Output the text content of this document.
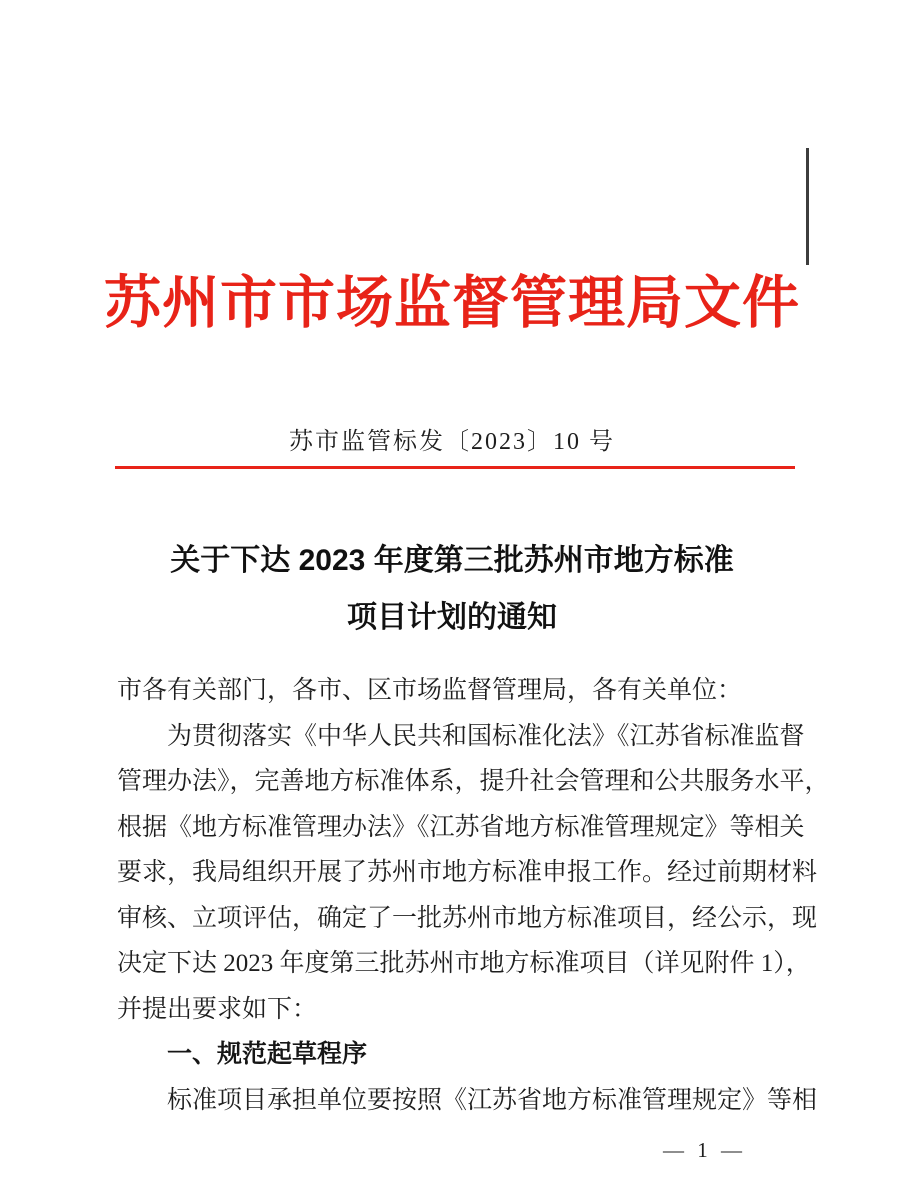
苏州市市场监督管理局文件
苏市监管标发〔2023〕10 号
关于下达 2023 年度第三批苏州市地方标准
项目计划的通知
市各有关部门，各市、区市场监督管理局，各有关单位：
为贯彻落实《中华人民共和国标准化法》《江苏省标准监督
管理办法》，完善地方标准体系，提升社会管理和公共服务水平，
根据《地方标准管理办法》《江苏省地方标准管理规定》等相关
要求，我局组织开展了苏州市地方标准申报工作。经过前期材料
审核、立项评估，确定了一批苏州市地方标准项目，经公示，现
决定下达 2023 年度第三批苏州市地方标准项目（详见附件 1），
并提出要求如下：
一、规范起草程序
标准项目承担单位要按照《江苏省地方标准管理规定》等相
— 1 —
